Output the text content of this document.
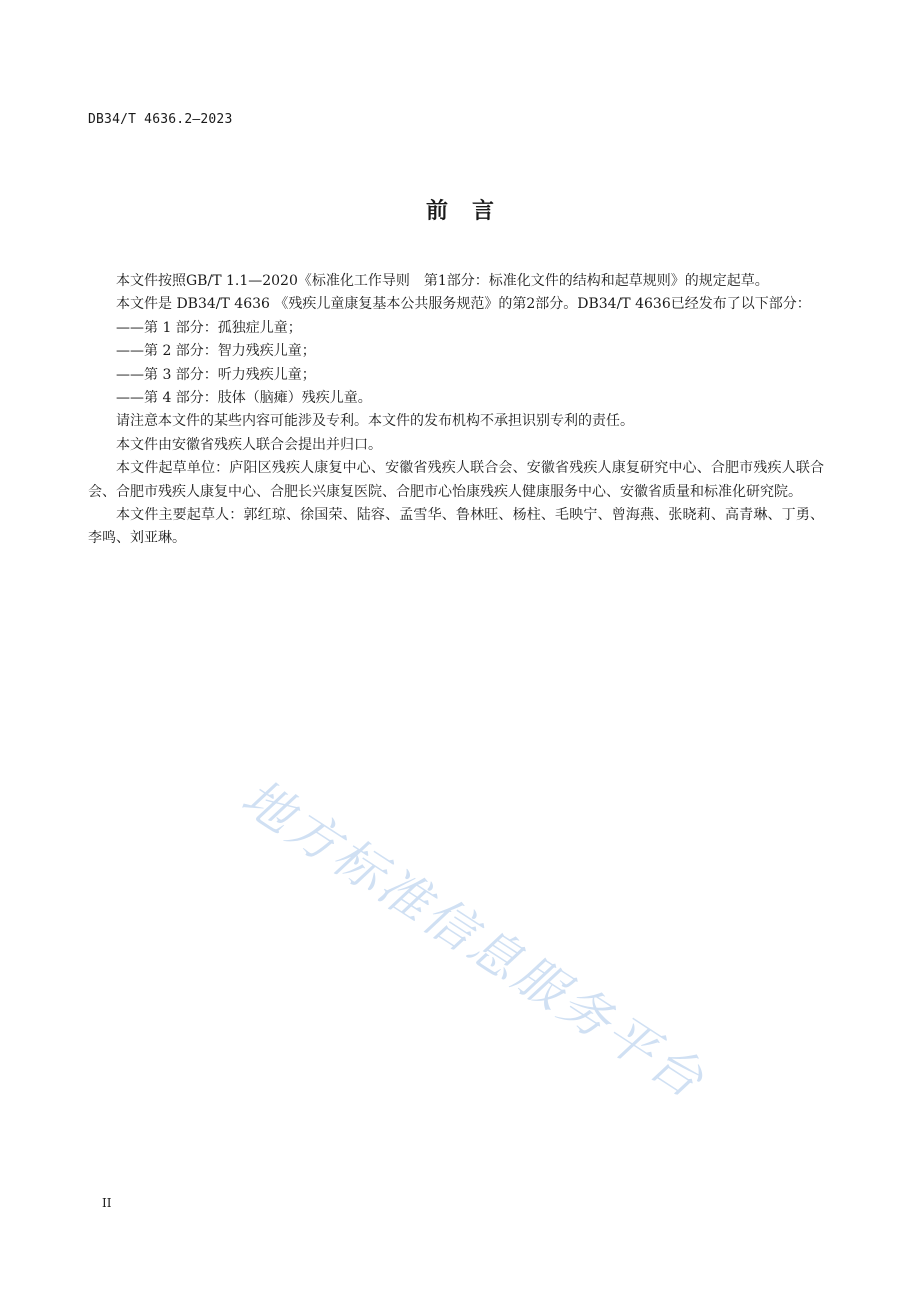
DB34/T 4636.2—2023
前言

本文件按照GB/T 1.1—2020《标准化工作导则　第1部分：标准化文件的结构和起草规则》的规定起草。

本文件是 DB34/T 4636 《残疾儿童康复基本公共服务规范》的第2部分。DB34/T 4636已经发布了以下部分：

——第 1 部分：孤独症儿童；

——第 2 部分：智力残疾儿童；

——第 3 部分：听力残疾儿童；

——第 4 部分：肢体（脑瘫）残疾儿童。

请注意本文件的某些内容可能涉及专利。本文件的发布机构不承担识别专利的责任。

本文件由安徽省残疾人联合会提出并归口。

本文件起草单位：庐阳区残疾人康复中心、安徽省残疾人联合会、安徽省残疾人康复研究中心、合肥市残疾人联合会、合肥市残疾人康复中心、合肥长兴康复医院、合肥市心怡康残疾人健康服务中心、安徽省质量和标准化研究院。

本文件主要起草人：郭红琼、徐国荣、陆容、孟雪华、鲁林旺、杨柱、毛映宁、曾海燕、张晓莉、高青琳、丁勇、李鸣、刘亚琳。

地方标准信息服务平台
II
